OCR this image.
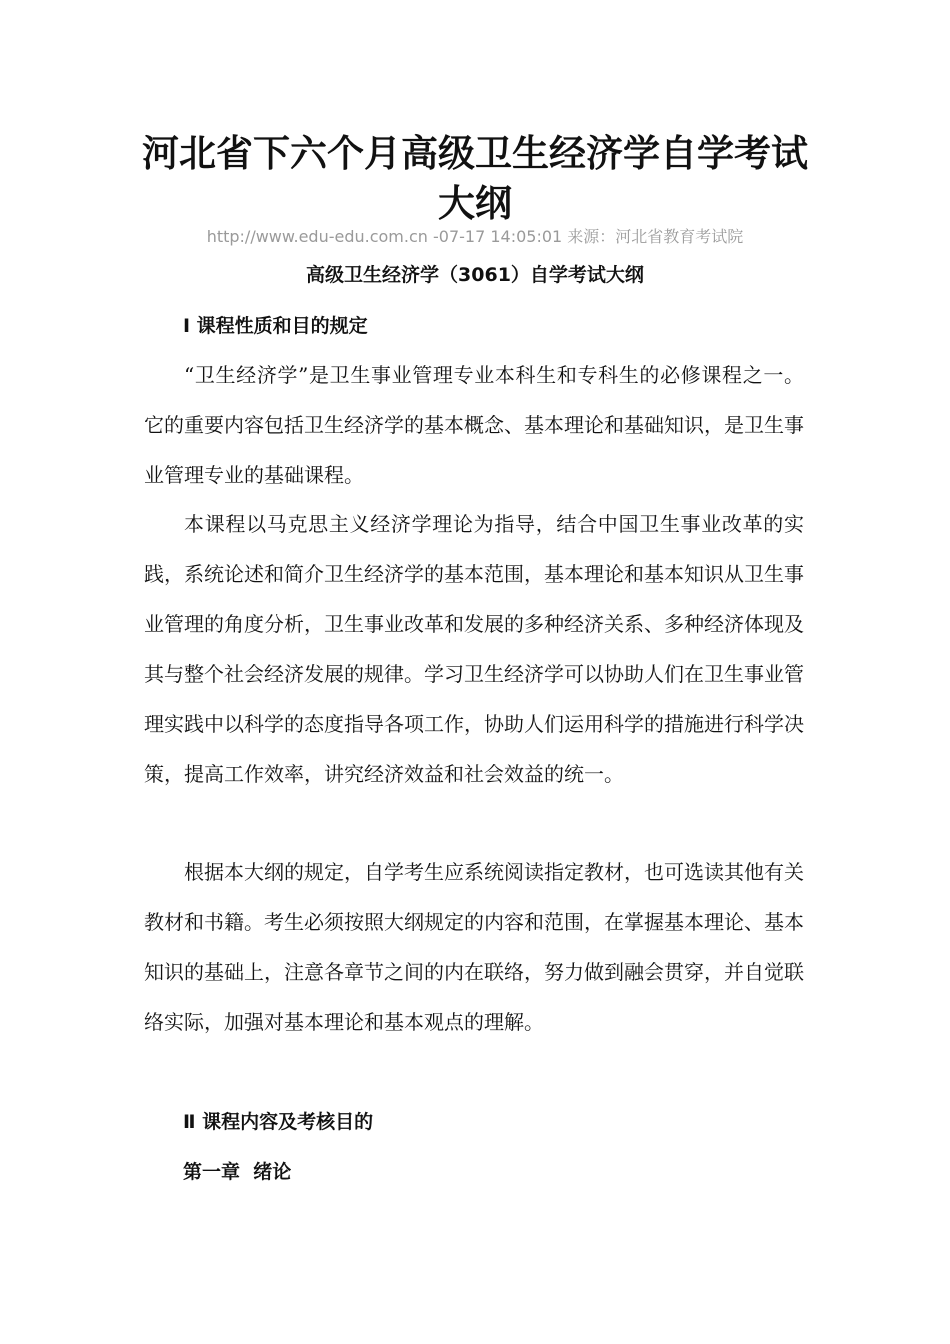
河北省下六个月高级卫生经济学自学考试大纲
http://www.edu-edu.com.cn -07-17 14:05:01 来源：河北省教育考试院
高级卫生经济学（3061）自学考试大纲
Ⅰ 课程性质和目的规定

“卫生经济学”是卫生事业管理专业本科生和专科生的必修课程之一。它的重要内容包括卫生经济学的基本概念、基本理论和基础知识，是卫生事业管理专业的基础课程。

本课程以马克思主义经济学理论为指导，结合中国卫生事业改革的实践，系统论述和简介卫生经济学的基本范围，基本理论和基本知识从卫生事业管理的角度分析，卫生事业改革和发展的多种经济关系、多种经济体现及其与整个社会经济发展的规律。学习卫生经济学可以协助人们在卫生事业管理实践中以科学的态度指导各项工作，协助人们运用科学的措施进行科学决策，提高工作效率，讲究经济效益和社会效益的统一。

根据本大纲的规定，自学考生应系统阅读指定教材，也可选读其他有关教材和书籍。考生必须按照大纲规定的内容和范围，在掌握基本理论、基本知识的基础上，注意各章节之间的内在联络，努力做到融会贯穿，并自觉联络实际，加强对基本理论和基本观点的理解。

Ⅱ 课程内容及考核目的
第一章  绪论
